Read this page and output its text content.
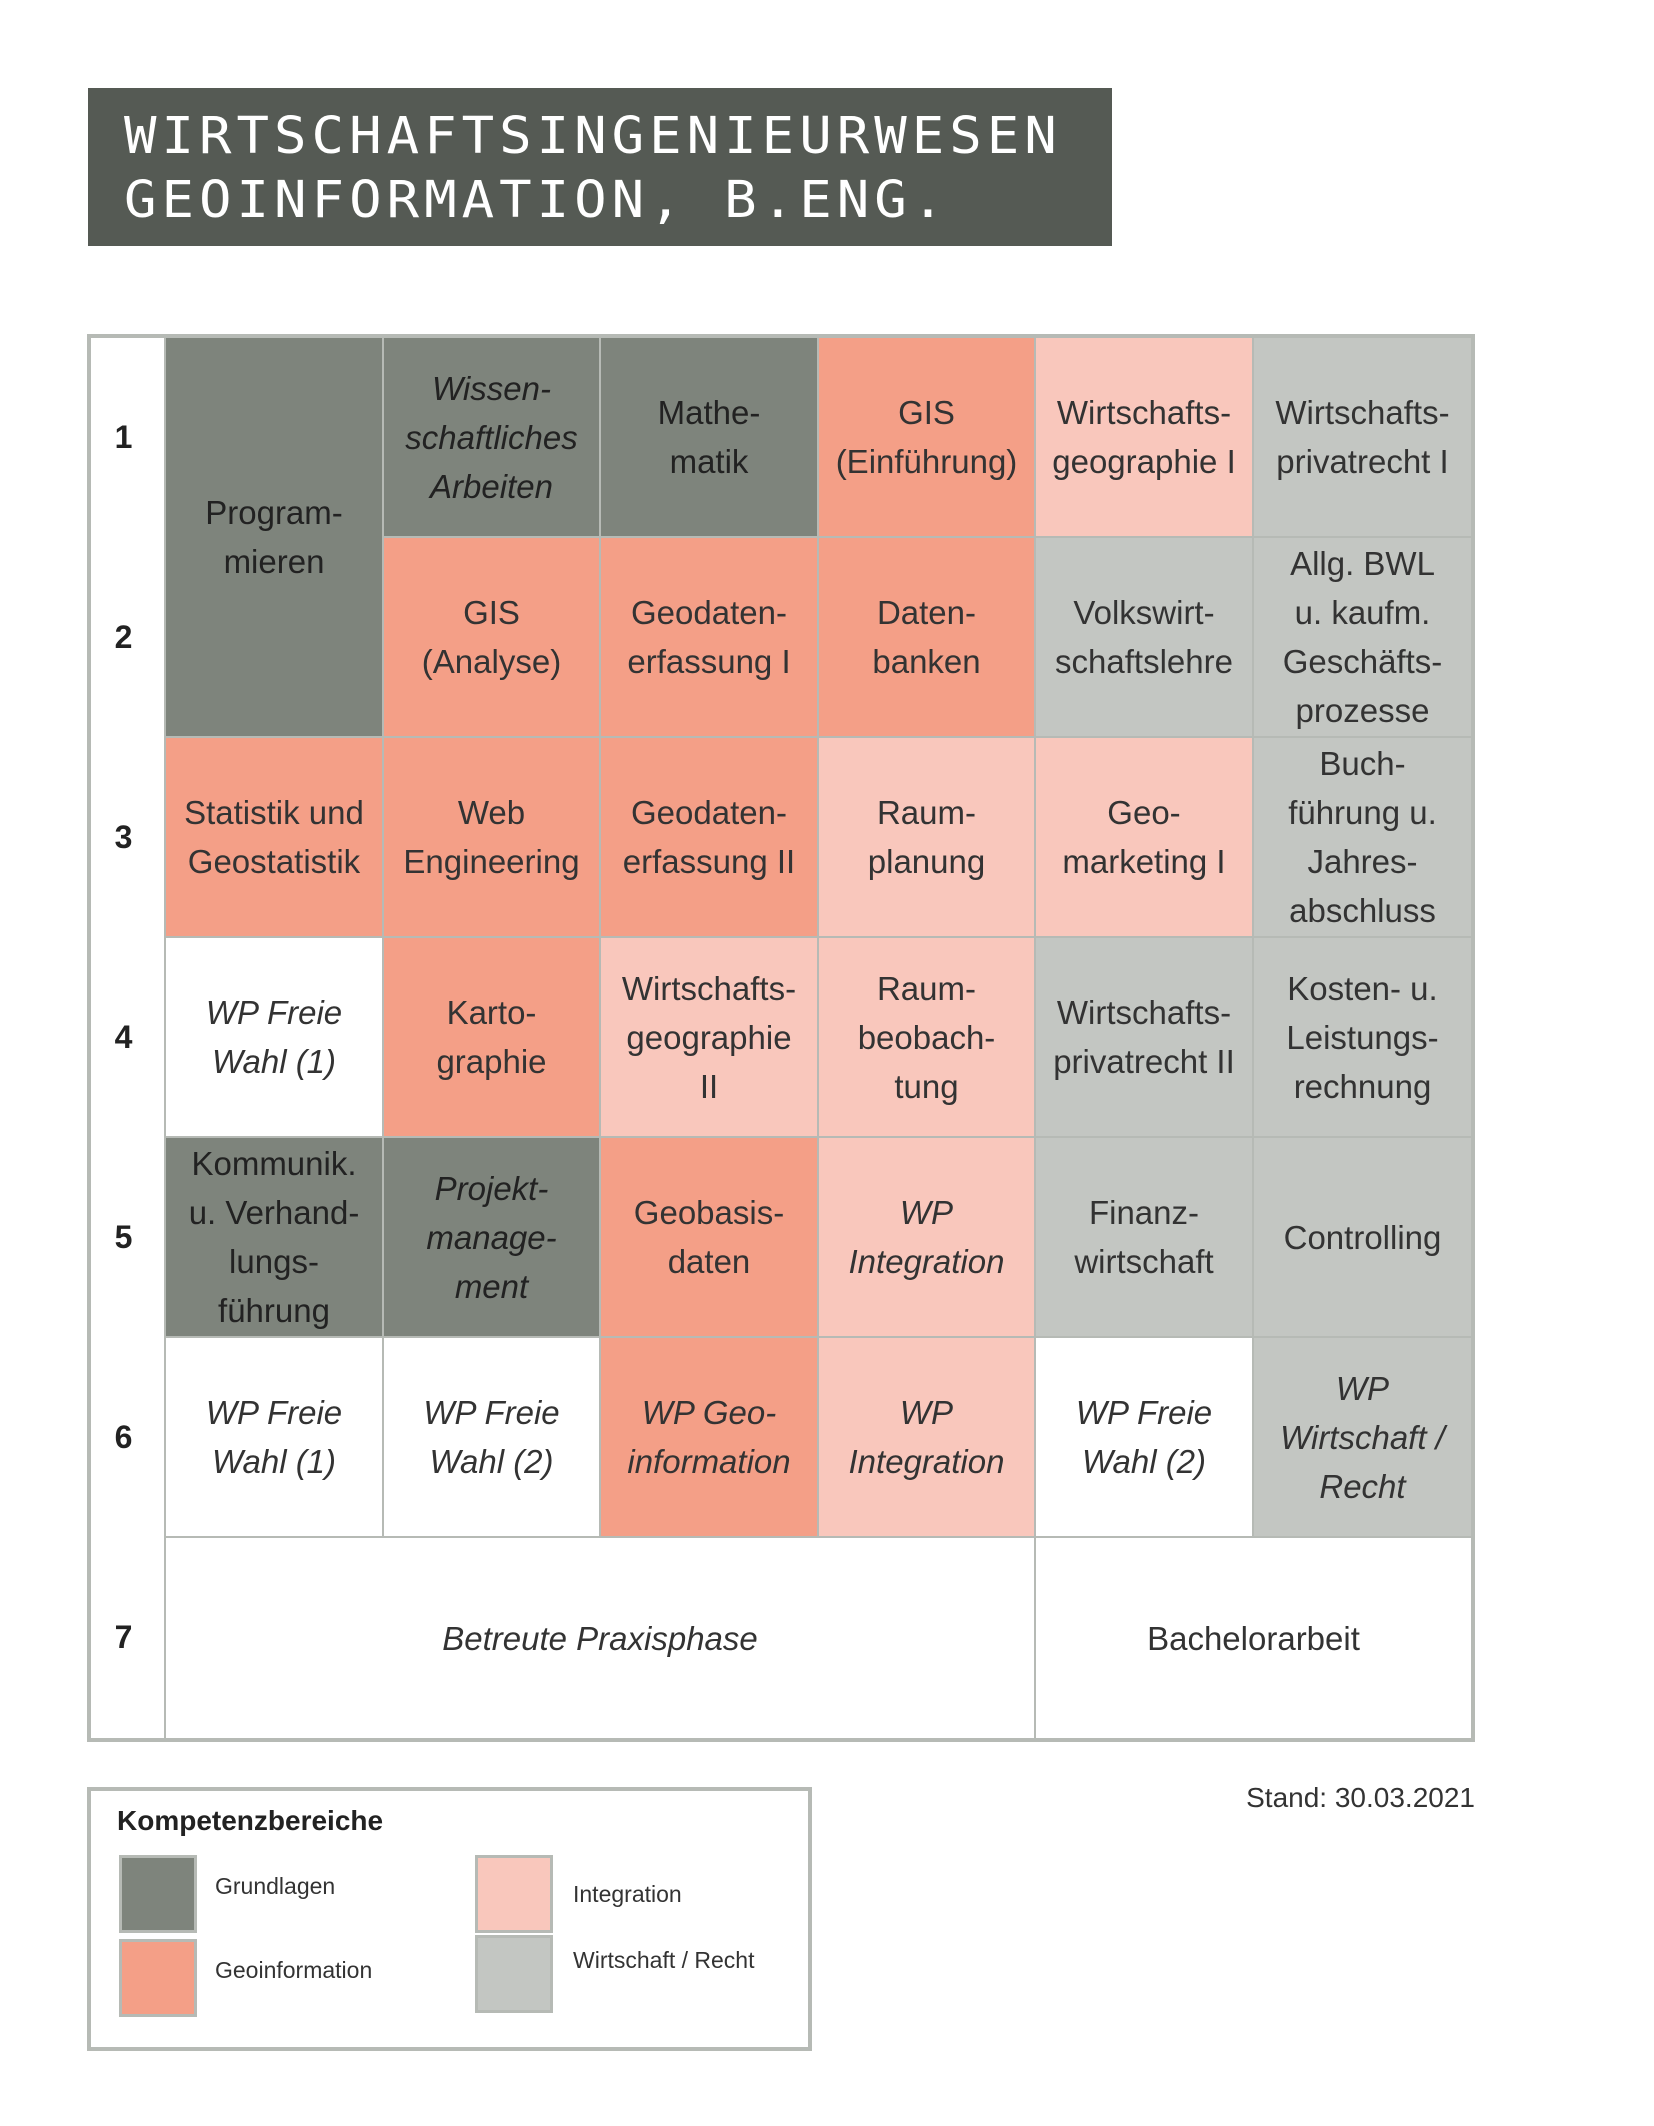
WIRTSCHAFTSINGENIEURWESEN
GEOINFORMATION, B.ENG.
1
2
3
4
5
6
7
Program-
mieren
Wissen-
schaftliches
Arbeiten
Mathe-
matik
GIS
(Einführung)
Wirtschafts-
geographie I
Wirtschafts-
privatrecht I
GIS
(Analyse)
Geodaten-
erfassung I
Daten-
banken
Volkswirt-
schaftslehre
Allg. BWL
u. kaufm.
Geschäfts-
prozesse
Statistik und
Geostatistik
Web
Engineering
Geodaten-
erfassung II
Raum-
planung
Geo-
marketing I
Buch-
führung u.
Jahres-
abschluss
WP Freie
Wahl (1)
Karto-
graphie
Wirtschafts-
geographie
II
Raum-
beobach-
tung
Wirtschafts-
privatrecht II
Kosten- u.
Leistungs-
rechnung
Kommunik.
u. Verhand-
lungs-
führung
Projekt-
manage-
ment
Geobasis-
daten
WP
Integration
Finanz-
wirtschaft
Controlling
WP Freie
Wahl (1)
WP Freie
Wahl (2)
WP Geo-
information
WP
Integration
WP Freie
Wahl (2)
WP
Wirtschaft /
Recht
Betreute Praxisphase	Bachelorarbeit
Stand: 30.03.2021
Kompetenzbereiche
Grundlagen
Geoinformation
Integration
Wirtschaft / Recht
